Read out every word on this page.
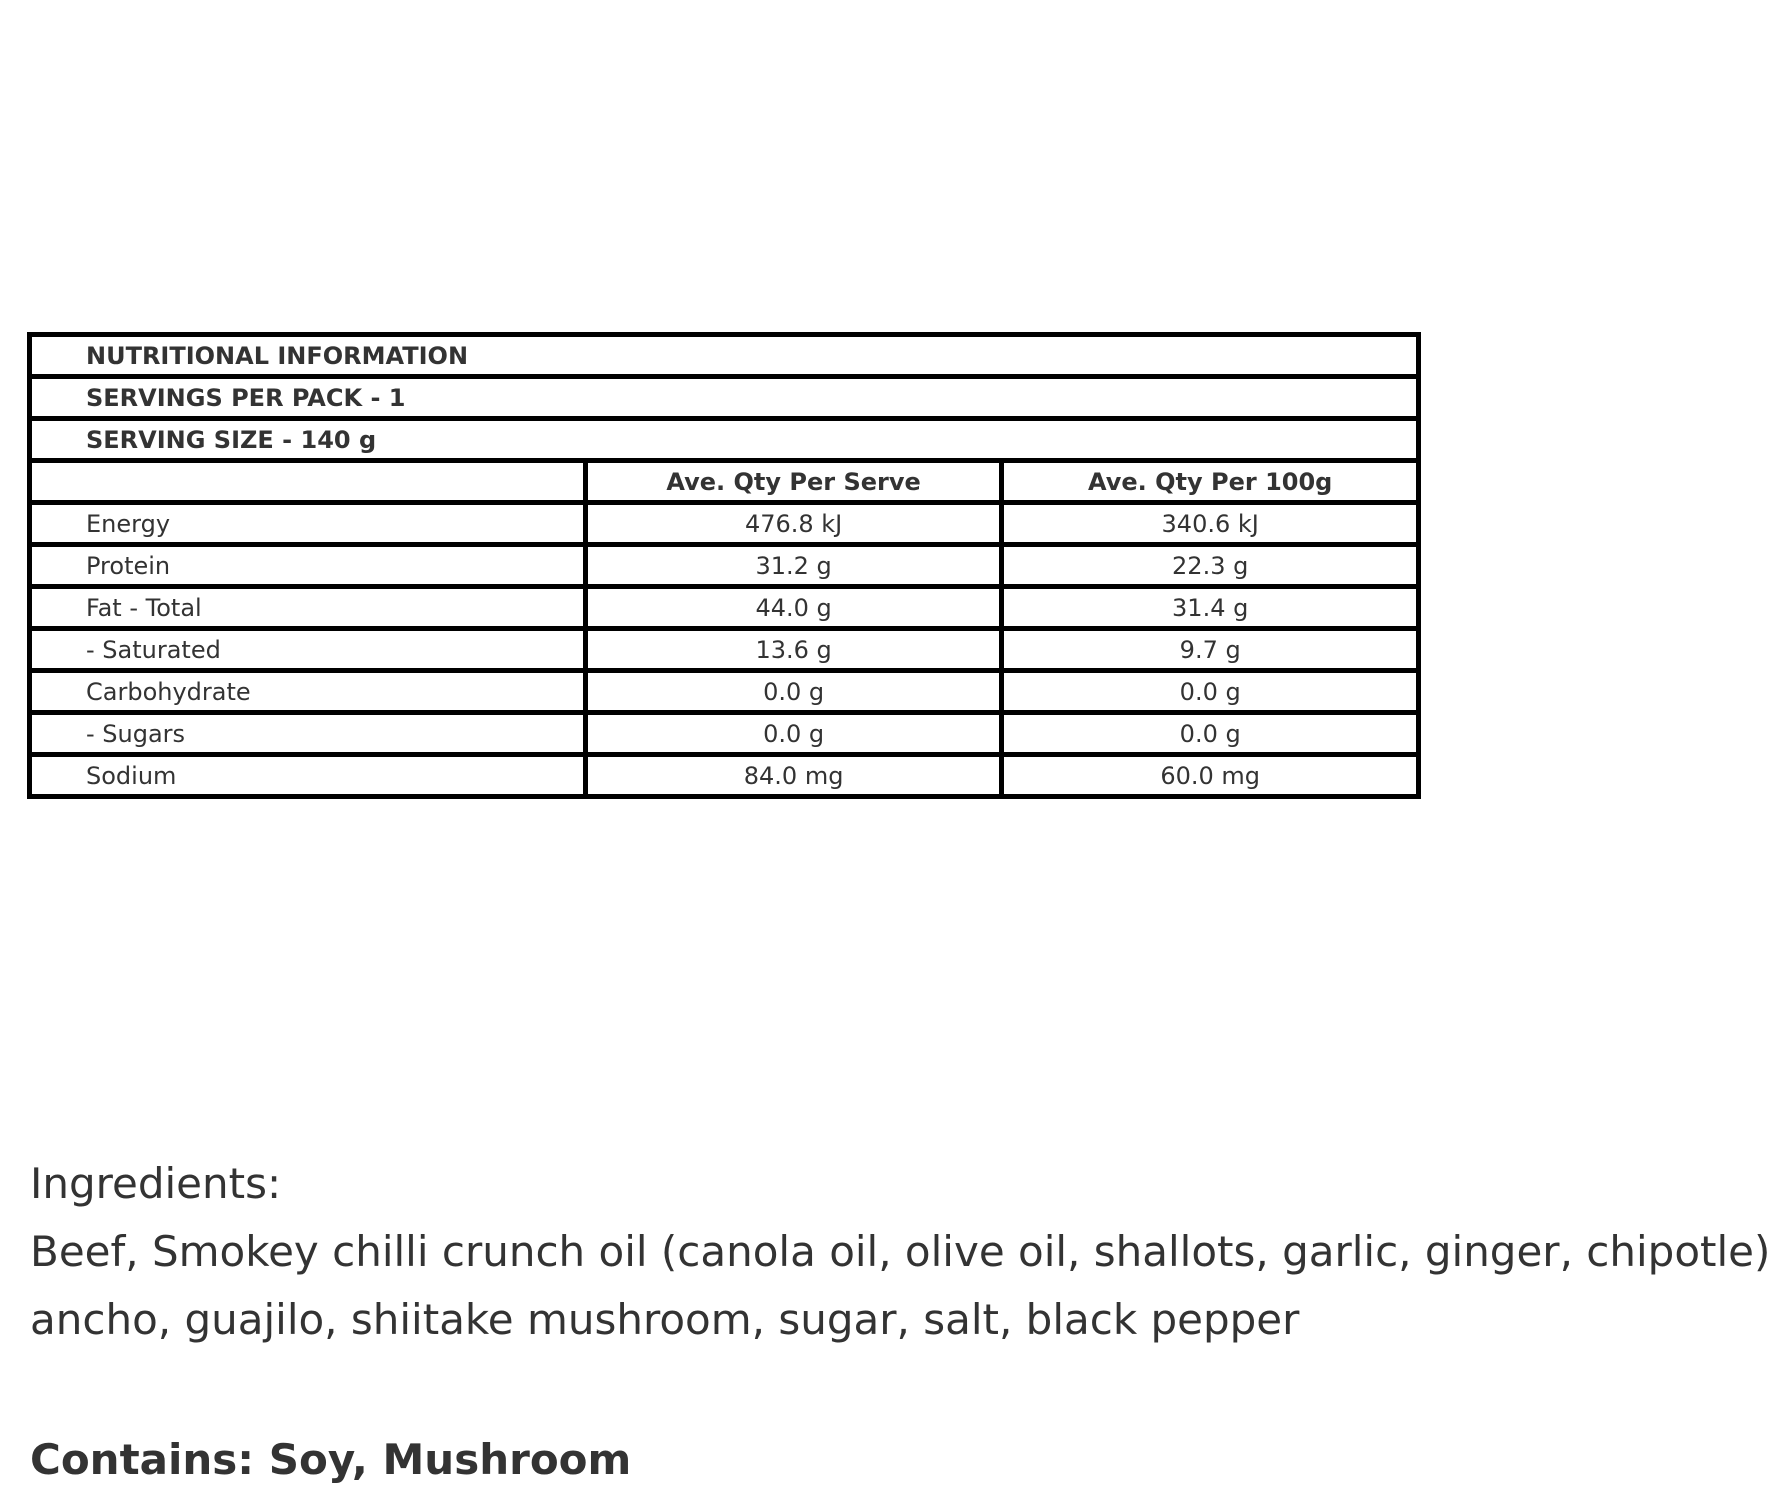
NUTRITIONAL INFORMATION		
SERVINGS PER PACK - 1		
SERVING SIZE - 140 g		
	Ave. Qty Per Serve	Ave. Qty Per 100g
Energy	476.8 kJ	340.6 kJ
Protein	31.2 g	22.3 g
Fat - Total	44.0 g	31.4 g
- Saturated	13.6 g	9.7 g
Carbohydrate	0.0 g	0.0 g
- Sugars	0.0 g	0.0 g
Sodium	84.0 mg	60.0 mg
Ingredients:
Beef, Smokey chilli crunch oil (canola oil, olive oil, shallots, garlic, ginger, chipotle)
ancho, guajilo, shiitake mushroom, sugar, salt, black pepper
Contains: Soy, Mushroom
